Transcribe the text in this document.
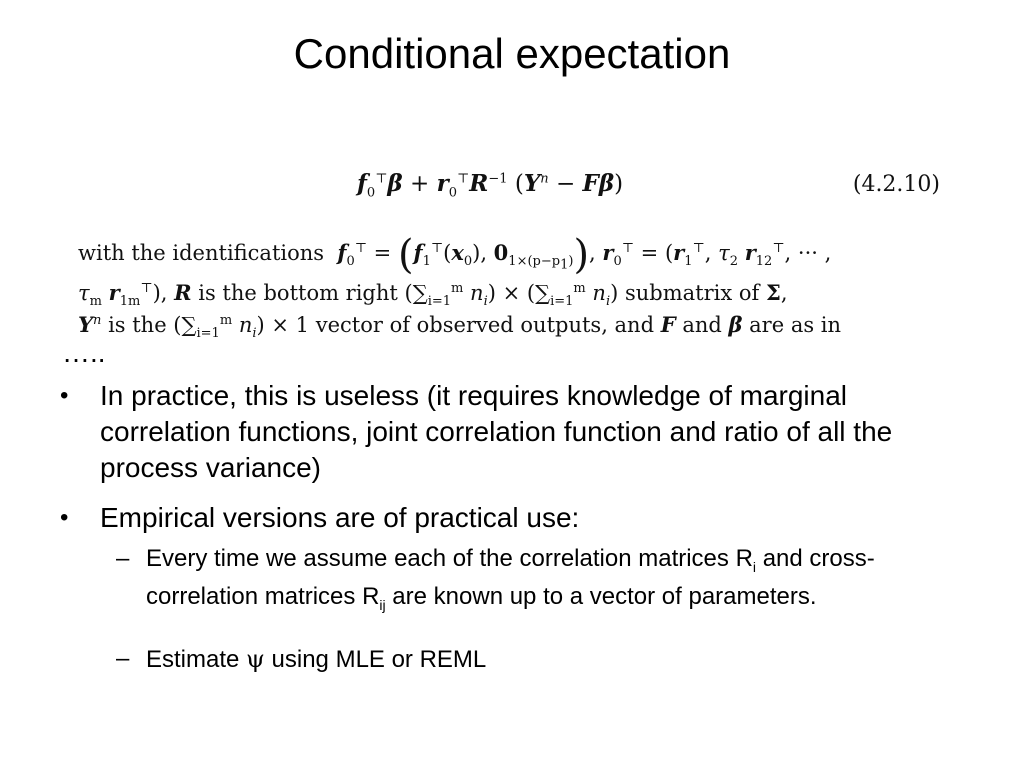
Conditional expectation
$f_0^⊤\beta + r_0^⊤R^{-1}$ $(Y^n - F\beta)$	(4.2.10)
with the identifications $f_0^⊤ = (f_1^⊤(x_0)$, $0_{1\times(p-p_1)}$), $r_0^⊤ = (r_1^⊤$, $\tau_2$ $r_{12}^⊤$, ··· ,
$\tau_m$ $r_{1m}^⊤$), R is the bottom right ($\sum_{i=1}^m$ $n_i) \times (\sum_{i=1}^m$ $n_i$) submatrix of Σ,
$Y^n$ is the ($\sum_{i=1}^m$ $n_i) \times 1$ vector of observed outputs, and F and β are as in
…..
• In practice, this is useless (it requires knowledge of marginal correlation functions, joint correlation function and ratio of all the process variance)
• Empirical versions are of practical use:
– Every time we assume each of the correlation matrices $R_i$ and cross-correlation matrices $R_{ij}$ are known up to a vector of parameters.
– Estimate ψ using MLE or REML
